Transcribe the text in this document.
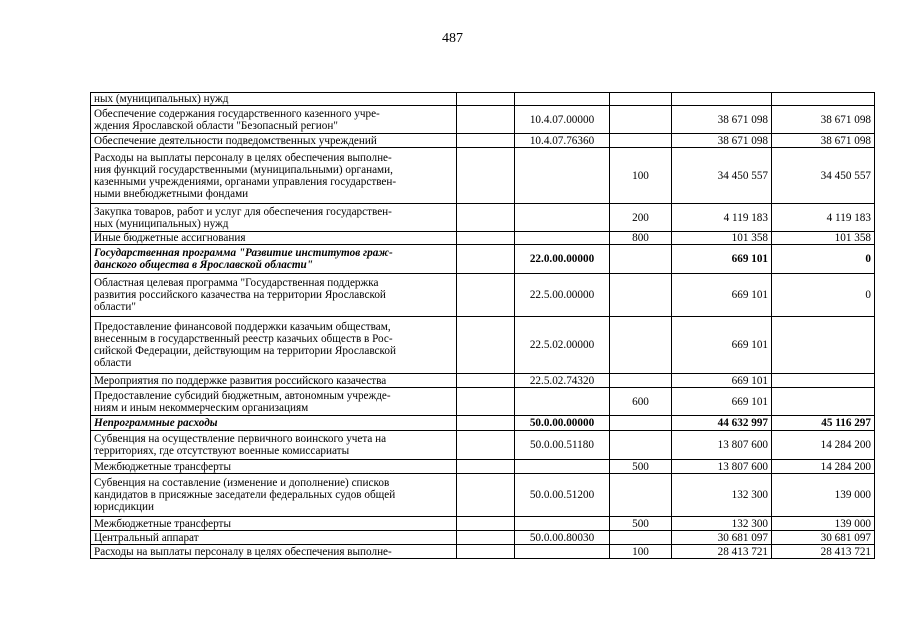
487
ных (муниципальных) нужд					
Обеспечение содержания государственного казенного учре-
ждения Ярославской области "Безопасный регион"		10.4.07.00000		38 671 098	38 671 098
Обеспечение деятельности подведомственных учреждений		10.4.07.76360		38 671 098	38 671 098
Расходы на выплаты персоналу в целях обеспечения выполне-
ния функций государственными (муниципальными) органами,
казенными учреждениями, органами управления государствен-
ными внебюджетными фондами			100	34 450 557	34 450 557
Закупка товаров, работ и услуг для обеспечения государствен-
ных (муниципальных) нужд			200	4 119 183	4 119 183
Иные бюджетные ассигнования			800	101 358	101 358
Государственная программа "Развитие институтов граж-
данского общества в Ярославской области"		22.0.00.00000		669 101	0
Областная целевая программа "Государственная поддержка
развития российского казачества на территории Ярославской
области"		22.5.00.00000		669 101	0
Предоставление финансовой поддержки казачьим обществам,
внесенным в государственный реестр казачьих обществ в Рос-
сийской Федерации, действующим на территории Ярославской
области		22.5.02.00000		669 101	
Мероприятия по поддержке развития российского казачества		22.5.02.74320		669 101	
Предоставление субсидий бюджетным, автономным учрежде-
ниям и иным некоммерческим организациям			600	669 101	
Непрограммные расходы		50.0.00.00000		44 632 997	45 116 297
Субвенция на осуществление первичного воинского учета на
территориях, где отсутствуют военные комиссариаты		50.0.00.51180		13 807 600	14 284 200
Межбюджетные трансферты			500	13 807 600	14 284 200
Субвенция на составление (изменение и дополнение) списков
кандидатов в присяжные заседатели федеральных судов общей
юрисдикции		50.0.00.51200		132 300	139 000
Межбюджетные трансферты			500	132 300	139 000
Центральный аппарат		50.0.00.80030		30 681 097	30 681 097
Расходы на выплаты персоналу в целях обеспечения выполне-			100	28 413 721	28 413 721
